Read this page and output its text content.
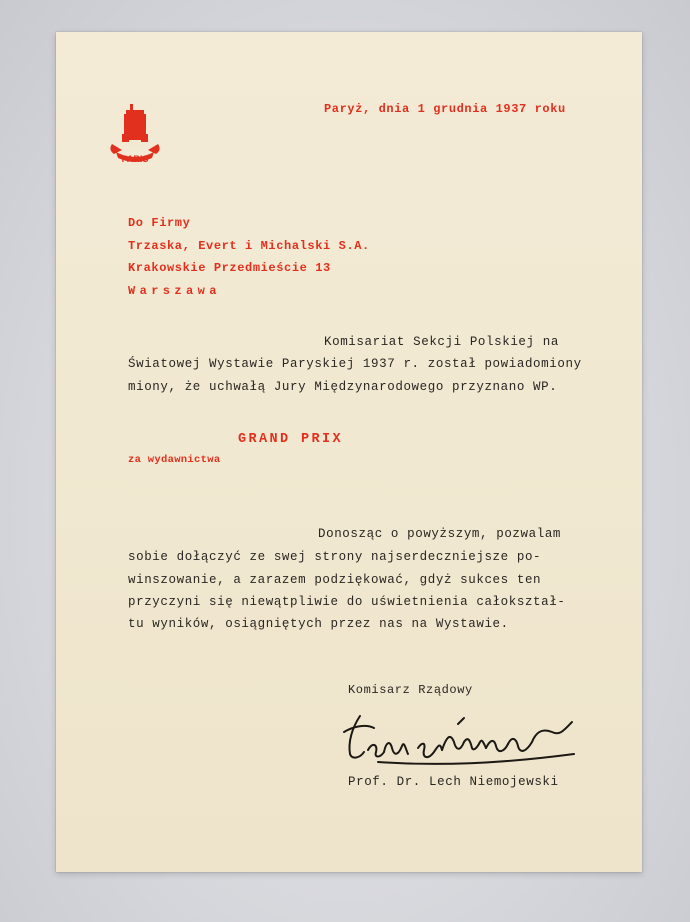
PARIS
Paryż, dnia 1 grudnia 1937 roku
Do Firmy
Trzaska, Evert i Michalski S.A.
Krakowskie Przedmieście 13
Warszawa
Komisariat Sekcji Polskiej na
Światowej Wystawie Paryskiej 1937 r. został powiadomiony
miony, że uchwałą Jury Międzynarodowego przyznano WP.
GRAND PRIX
za wydawnictwa
Donosząc o powyższym, pozwalam
sobie dołączyć ze swej strony najserdeczniejsze po-
winszowanie, a zarazem podziękować, gdyż sukces ten
przyczyni się niewątpliwie do uświetnienia całokształ-
tu wyników, osiągniętych przez nas na Wystawie.
Komisarz Rządowy
Prof. Dr. Lech Niemojewski
